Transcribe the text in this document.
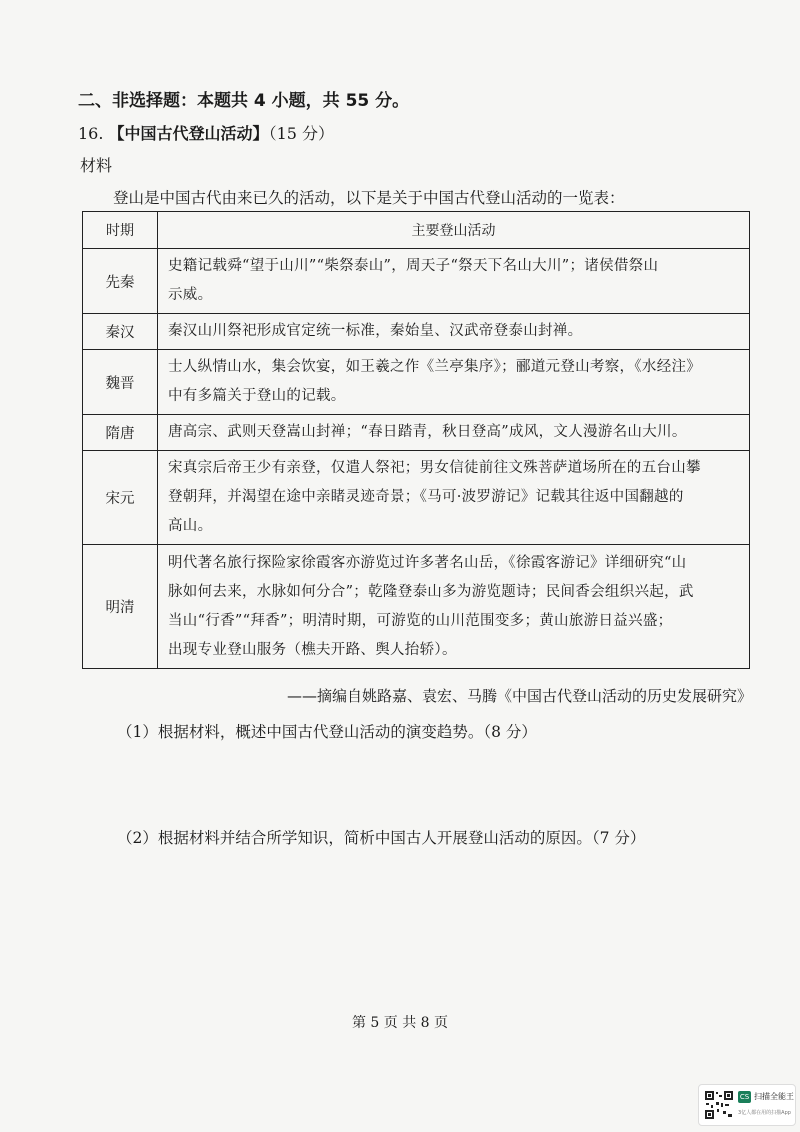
二、非选择题：本题共 4 小题，共 55 分。
16. 【中国古代登山活动】（15 分）
材料
登山是中国古代由来已久的活动，以下是关于中国古代登山活动的一览表：
时期	主要登山活动
先秦	史籍记载舜“望于山川”“柴祭泰山”，周天子“祭天下名山大川”；诸侯借祭山
示威。
秦汉	秦汉山川祭祀形成官定统一标准，秦始皇、汉武帝登泰山封禅。
魏晋	士人纵情山水，集会饮宴，如王羲之作《兰亭集序》；郦道元登山考察，《水经注》
中有多篇关于登山的记载。
隋唐	唐高宗、武则天登嵩山封禅；“春日踏青，秋日登高”成风，文人漫游名山大川。
宋元	宋真宗后帝王少有亲登，仅遣人祭祀；男女信徒前往文殊菩萨道场所在的五台山攀
登朝拜，并渴望在途中亲睹灵迹奇景；《马可·波罗游记》记载其往返中国翻越的
高山。
明清	明代著名旅行探险家徐霞客亦游览过许多著名山岳，《徐霞客游记》详细研究“山
脉如何去来，水脉如何分合”；乾隆登泰山多为游览题诗；民间香会组织兴起，武
当山“行香”“拜香”；明清时期，可游览的山川范围变多；黄山旅游日益兴盛；
出现专业登山服务（樵夫开路、舆人抬轿）。
——摘编自姚路嘉、袁宏、马腾《中国古代登山活动的历史发展研究》
（1）根据材料，概述中国古代登山活动的演变趋势。（8 分）
（2）根据材料并结合所学知识，简析中国古人开展登山活动的原因。（7 分）
第 5 页 共 8 页
CS 扫描全能王
3亿人都在用的扫描App
